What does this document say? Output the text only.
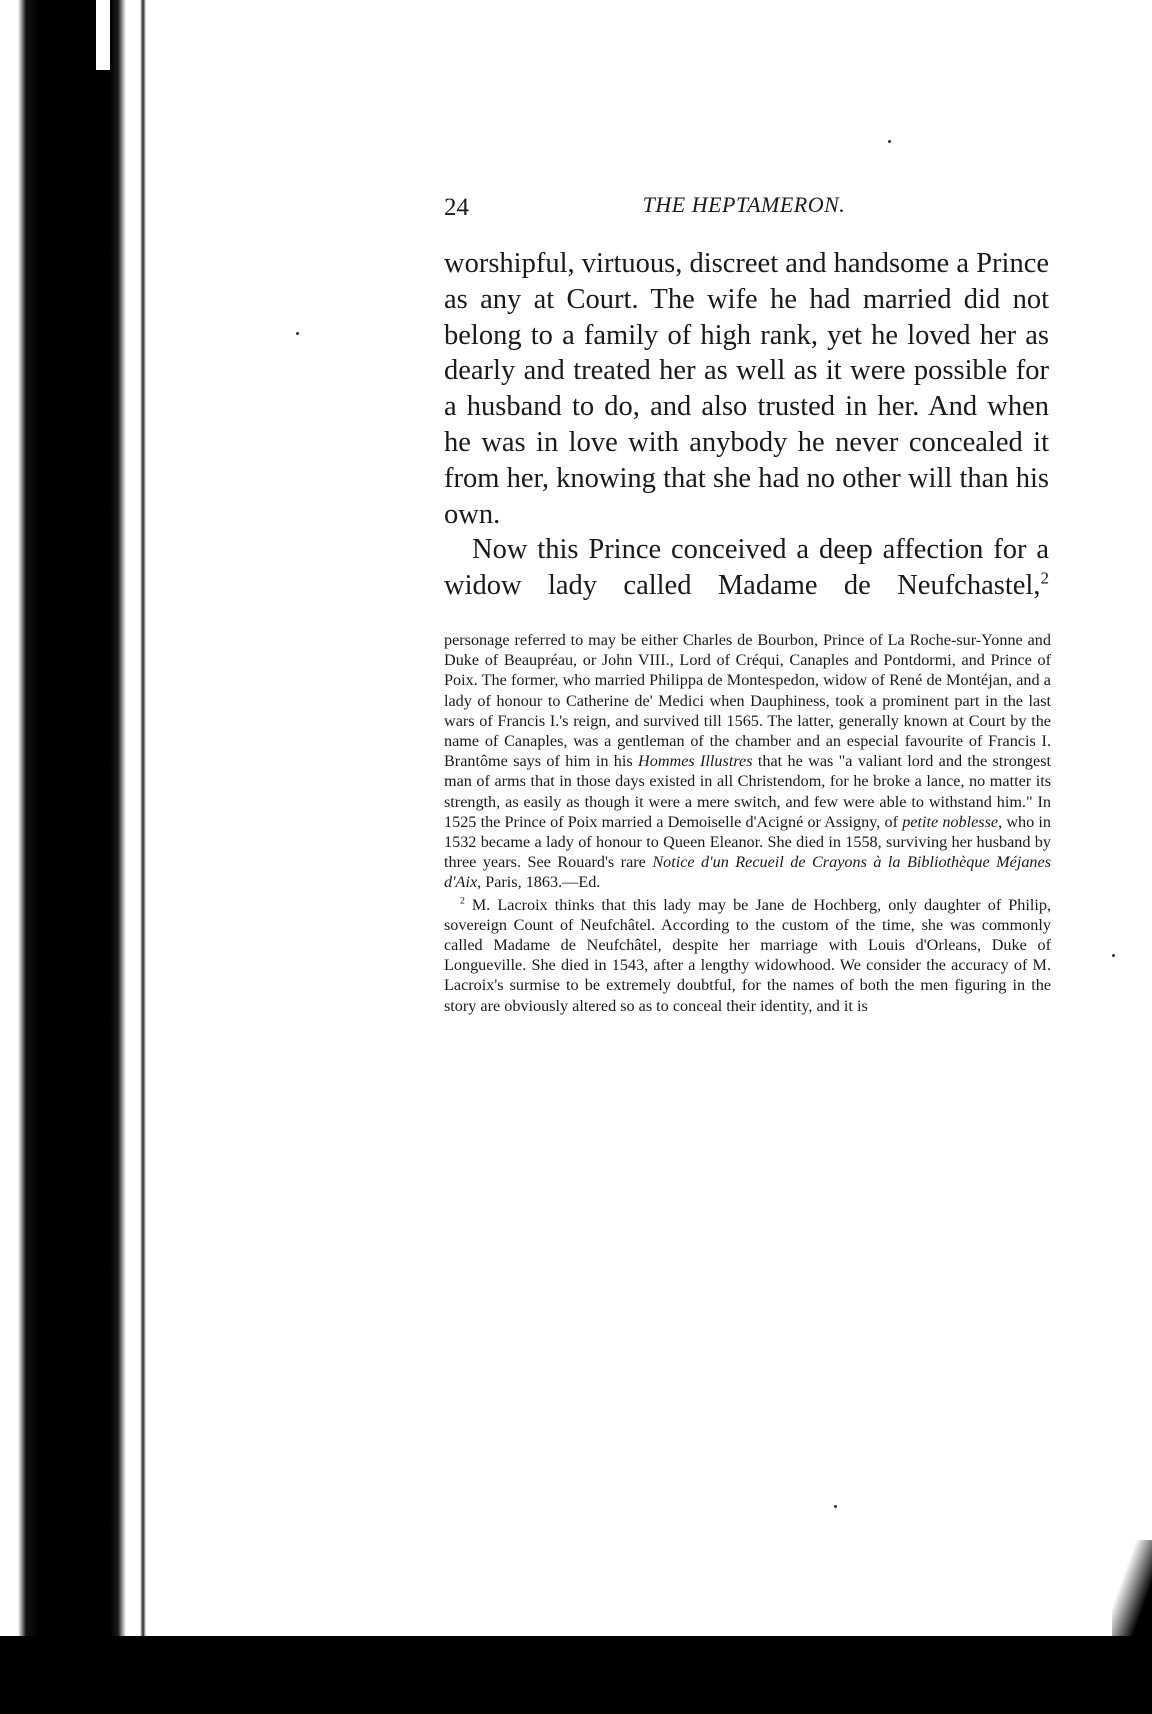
24	THE HEPTAMERON.

worshipful, virtuous, discreet and handsome a Prince as any at Court. The wife he had married did not belong to a family of high rank, yet he loved her as dearly and treated her as well as it were possible for a husband to do, and also trusted in her. And when he was in love with anybody he never concealed it from her, knowing that she had no other will than his own.

Now this Prince conceived a deep affection for a widow lady called Madame de Neufchastel,$^2$

personage referred to may be either Charles de Bourbon, Prince of La Roche-sur-Yonne and Duke of Beaupréau, or John VIII., Lord of Créqui, Canaples and Pontdormi, and Prince of Poix. The former, who married Philippa de Montespedon, widow of René de Montéjan, and a lady of honour to Catherine de' Medici when Dauphiness, took a prominent part in the last wars of Francis I.'s reign, and survived till 1565. The latter, generally known at Court by the name of Canaples, was a gentleman of the chamber and an especial favourite of Francis I. Brantôme says of him in his Hommes Illustres that he was "a valiant lord and the strongest man of arms that in those days existed in all Christendom, for he broke a lance, no matter its strength, as easily as though it were a mere switch, and few were able to withstand him." In 1525 the Prince of Poix married a Demoiselle d'Acigné or Assigny, of petite noblesse, who in 1532 became a lady of honour to Queen Eleanor. She died in 1558, surviving her husband by three years. See Rouard's rare Notice d'un Recueil de Crayons à la Bibliothèque Méjanes d'Aix, Paris, 1863.—Ed.

$^2$ M. Lacroix thinks that this lady may be Jane de Hochberg, only daughter of Philip, sovereign Count of Neufchâtel. According to the custom of the time, she was commonly called Madame de Neufchâtel, despite her marriage with Louis d'Orleans, Duke of Longueville. She died in 1543, after a lengthy widowhood. We consider the accuracy of M. Lacroix's surmise to be extremely doubtful, for the names of both the men figuring in the story are obviously altered so as to conceal their identity, and it is
